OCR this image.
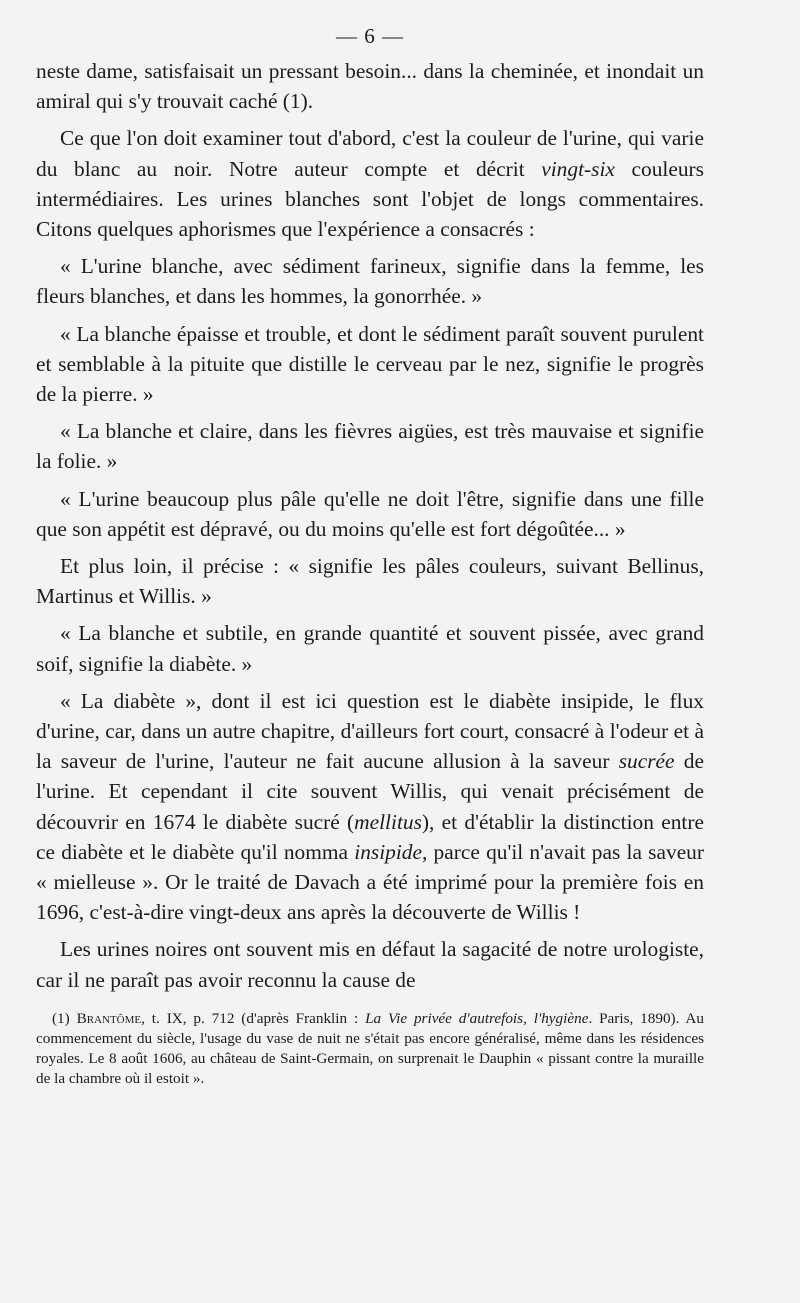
— 6 —

neste dame, satisfaisait un pressant besoin... dans la cheminée, et inondait un amiral qui s'y trouvait caché (1).

Ce que l'on doit examiner tout d'abord, c'est la couleur de l'urine, qui varie du blanc au noir. Notre auteur compte et décrit vingt-six couleurs intermédiaires. Les urines blanches sont l'objet de longs commentaires. Citons quelques aphorismes que l'expérience a consacrés :

« L'urine blanche, avec sédiment farineux, signifie dans la femme, les fleurs blanches, et dans les hommes, la gonorrhée. »

« La blanche épaisse et trouble, et dont le sédiment paraît souvent purulent et semblable à la pituite que distille le cerveau par le nez, signifie le progrès de la pierre. »

« La blanche et claire, dans les fièvres aigües, est très mauvaise et signifie la folie. »

« L'urine beaucoup plus pâle qu'elle ne doit l'être, signifie dans une fille que son appétit est dépravé, ou du moins qu'elle est fort dégoûtée... »

Et plus loin, il précise : « signifie les pâles couleurs, suivant Bellinus, Martinus et Willis. »

« La blanche et subtile, en grande quantité et souvent pissée, avec grand soif, signifie la diabète. »

« La diabète », dont il est ici question est le diabète insipide, le flux d'urine, car, dans un autre chapitre, d'ailleurs fort court, consacré à l'odeur et à la saveur de l'urine, l'auteur ne fait aucune allusion à la saveur sucrée de l'urine. Et cependant il cite souvent Willis, qui venait précisément de découvrir en 1674 le diabète sucré (mellitus), et d'établir la distinction entre ce diabète et le diabète qu'il nomma insipide, parce qu'il n'avait pas la saveur « mielleuse ». Or le traité de Davach a été imprimé pour la première fois en 1696, c'est-à-dire vingt-deux ans après la découverte de Willis !

Les urines noires ont souvent mis en défaut la sagacité de notre urologiste, car il ne paraît pas avoir reconnu la cause de

(1) Brantôme, t. IX, p. 712 (d'après Franklin : La Vie privée d'autrefois, l'hygiène. Paris, 1890). Au commencement du siècle, l'usage du vase de nuit ne s'était pas encore généralisé, même dans les résidences royales. Le 8 août 1606, au château de Saint-Germain, on surprenait le Dauphin « pissant contre la muraille de la chambre où il estoit ».
